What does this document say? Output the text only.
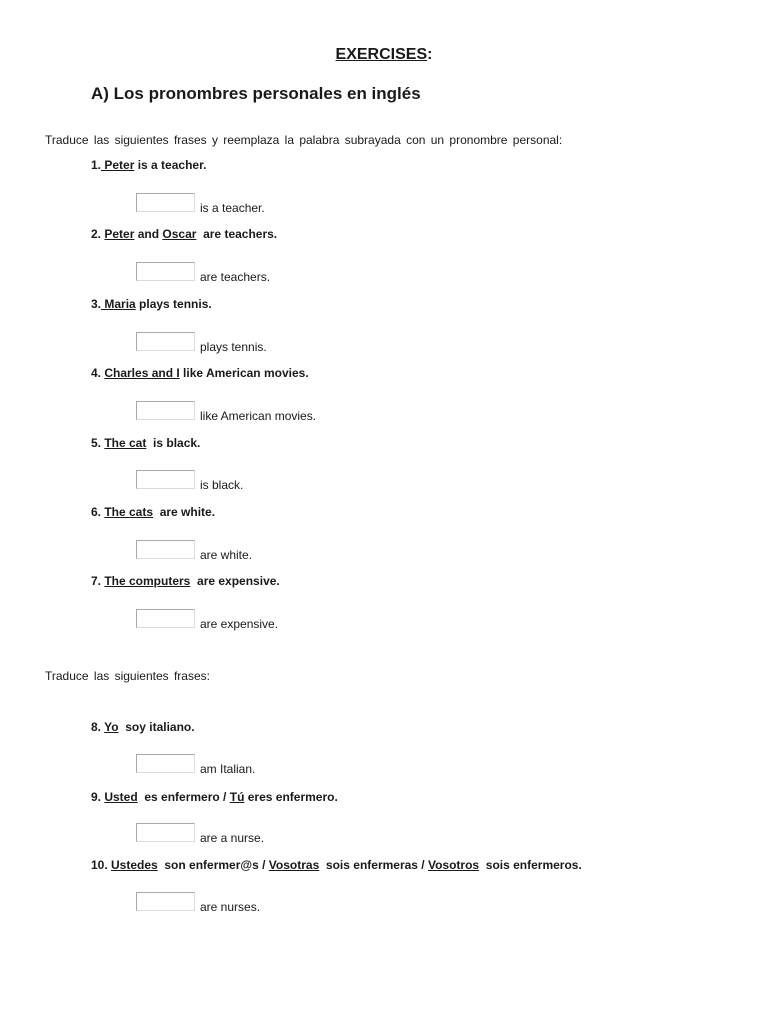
EXERCISES:
A) Los pronombres personales en inglés
Traduce las siguientes frases y reemplaza la palabra subrayada con un pronombre personal:
Traduce las siguientes frases:
1. Peter is a teacher.
is a teacher.
2. Peter and Oscar  are teachers.
are teachers.
3. Maria plays tennis.
plays tennis.
4. Charles and I like American movies.
like American movies.
5. The cat  is black.
is black.
6. The cats  are white.
are white.
7. The computers  are expensive.
are expensive.
8. Yo  soy italiano.
am Italian.
9. Usted  es enfermero / Tú eres enfermero.
are a nurse.
10. Ustedes  son enfermer@s / Vosotras  sois enfermeras / Vosotros  sois enfermeros.
are nurses.
